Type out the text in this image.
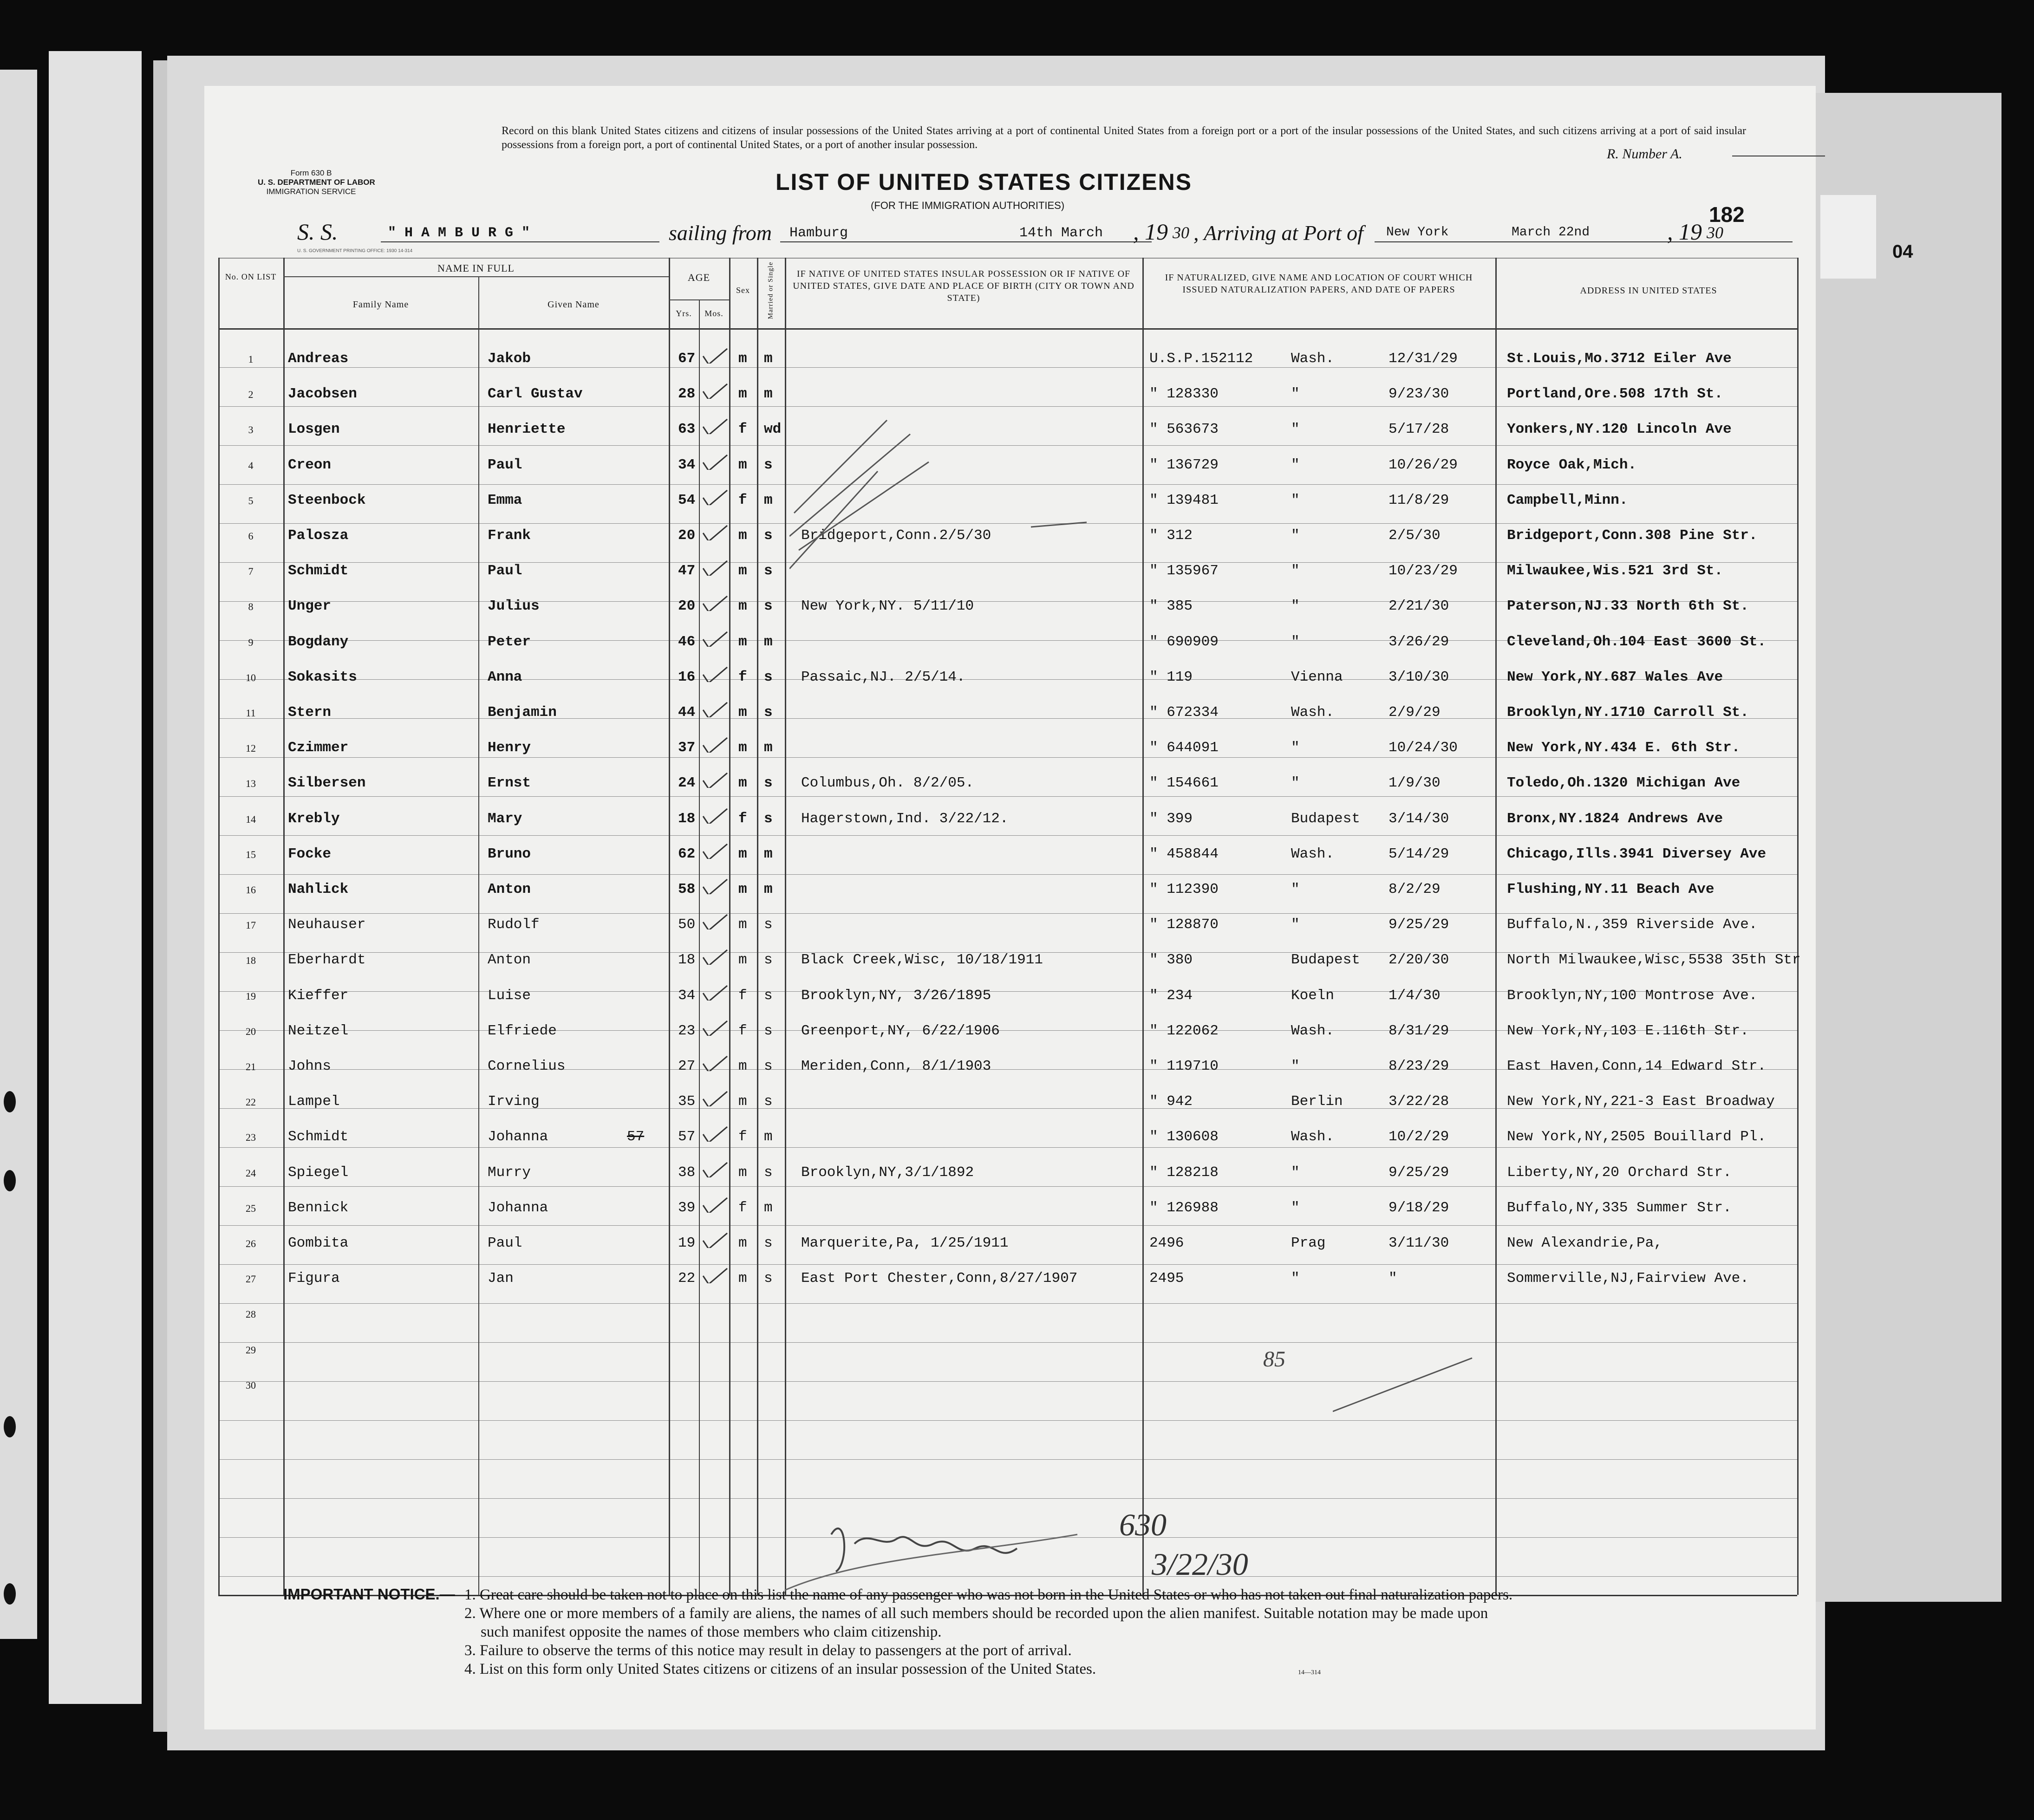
04
Form 630 B
U. S. DEPARTMENT OF LABOR
IMMIGRATION SERVICE
Record on this blank United States citizens and citizens of insular possessions of the United States arriving at a port of continental United States from a foreign port or a port of the insular possessions of the United States, and such citizens arriving at a port of said insular possessions from a foreign port, a port of continental United States, or a port of another insular possession.
R. Number A.
LIST OF UNITED STATES CITIZENS
(FOR THE IMMIGRATION AUTHORITIES)	182
S. S.	" H A M B U R G "	sailing from Hamburg	14th March , 19 30 , Arriving at Port of New York	March 22nd	, 19 30
U. S. GOVERNMENT PRINTING OFFICE: 1930 14-314
No. ON LIST
NAME IN FULL
Family Name	Given Name
AGE
Yrs.	Mos.
Sex	Married or Single	IF NATIVE OF UNITED STATES INSULAR POSSESSION OR IF NATIVE OF UNITED STATES, GIVE DATE AND PLACE OF BIRTH (CITY OR TOWN AND STATE)
IF NATURALIZED, GIVE NAME AND LOCATION OF COURT WHICH ISSUED NATURALIZATION PAPERS, AND DATE OF PAPERS	ADDRESS IN UNITED STATES
1	Andreas	Jakob	67	m m	U.S.P.152112	Wash.	12/31/29	St.Louis,Mo.3712 Eiler Ave
2	Jacobsen	Carl Gustav	28	m m	" 128330	"	9/23/30	Portland,Ore.508 17th St.
3	Losgen	Henriette	63	f wd	" 563673	"	5/17/28	Yonkers,NY.120 Lincoln Ave
4	Creon	Paul	34	m s	" 136729	"	10/26/29	Royce Oak,Mich.
5	Steenbock	Emma	54	f m	" 139481	"	11/8/29	Campbell,Minn.
6	Palosza	Frank	20	m s Bridgeport,Conn.2/5/30	" 312	"	2/5/30	Bridgeport,Conn.308 Pine Str.
7	Schmidt	Paul	47	m s	" 135967	"	10/23/29	Milwaukee,Wis.521 3rd St.
8	Unger	Julius	20	m s New York,NY. 5/11/10	" 385	"	2/21/30	Paterson,NJ.33 North 6th St.
9	Bogdany	Peter	46	m m	" 690909	"	3/26/29	Cleveland,Oh.104 East 3600 St.
10	Sokasits	Anna	16	f s Passaic,NJ. 2/5/14.	" 119	Vienna	3/10/30	New York,NY.687 Wales Ave
11	Stern	Benjamin	44	m s	" 672334	Wash.	2/9/29	Brooklyn,NY.1710 Carroll St.
12	Czimmer	Henry	37	m m	" 644091	"	10/24/30	New York,NY.434 E. 6th Str.
13	Silbersen	Ernst	24	m s Columbus,Oh. 8/2/05.	" 154661	"	1/9/30	Toledo,Oh.1320 Michigan Ave
14	Krebly	Mary	18	f s Hagerstown,Ind. 3/22/12.	" 399	Budapest 3/14/30	Bronx,NY.1824 Andrews Ave
15	Focke	Bruno	62	m m	" 458844	Wash.	5/14/29	Chicago,Ills.3941 Diversey Ave
16	Nahlick	Anton	58	m m	" 112390	"	8/2/29	Flushing,NY.11 Beach Ave
17	Neuhauser	Rudolf	50	m s	" 128870	"	9/25/29	Buffalo,N.,359 Riverside Ave.
18	Eberhardt	Anton	18	m s Black Creek,Wisc, 10/18/1911	" 380	Budapest 2/20/30	North Milwaukee,Wisc,5538 35th Str
19	Kieffer	Luise	34	f s Brooklyn,NY, 3/26/1895	" 234	Koeln	1/4/30	Brooklyn,NY,100 Montrose Ave.
20	Neitzel	Elfriede	23	f s Greenport,NY, 6/22/1906	" 122062	Wash.	8/31/29	New York,NY,103 E.116th Str.
21	Johns	Cornelius	27	m s Meriden,Conn, 8/1/1903	" 119710	"	8/23/29	East Haven,Conn,14 Edward Str.
22	Lampel	Irving	35	m s	" 942	Berlin	3/22/28	New York,NY,221-3 East Broadway
23	Schmidt	Johanna	57	f m	" 130608	Wash.	10/2/29	New York,NY,2505 Bouillard Pl.
24	Spiegel	Murry	38	m s Brooklyn,NY,3/1/1892	" 128218	"	9/25/29	Liberty,NY,20 Orchard Str.
25	Bennick	Johanna	39	f m	" 126988	"	9/18/29	Buffalo,NY,335 Summer Str.
26	Gombita	Paul	19	m s Marquerite,Pa, 1/25/1911	2496	Prag	3/11/30	New Alexandrie,Pa,
27	Figura	Jan	22	m s East Port Chester,Conn,8/27/1907	2495	"	"	Sommerville,NJ,Fairview Ave.
28
29
30
57
630
3/22/30
85
IMPORTANT NOTICE.— 1. Great care should be taken not to place on this list the name of any passenger who was not born in the United States or who has not taken out final naturalization papers.
2. Where one or more members of a family are aliens, the names of all such members should be recorded upon the alien manifest. Suitable notation may be made upon
such manifest opposite the names of those members who claim citizenship.
3. Failure to observe the terms of this notice may result in delay to passengers at the port of arrival.
4. List on this form only United States citizens or citizens of an insular possession of the United States.	14—314
